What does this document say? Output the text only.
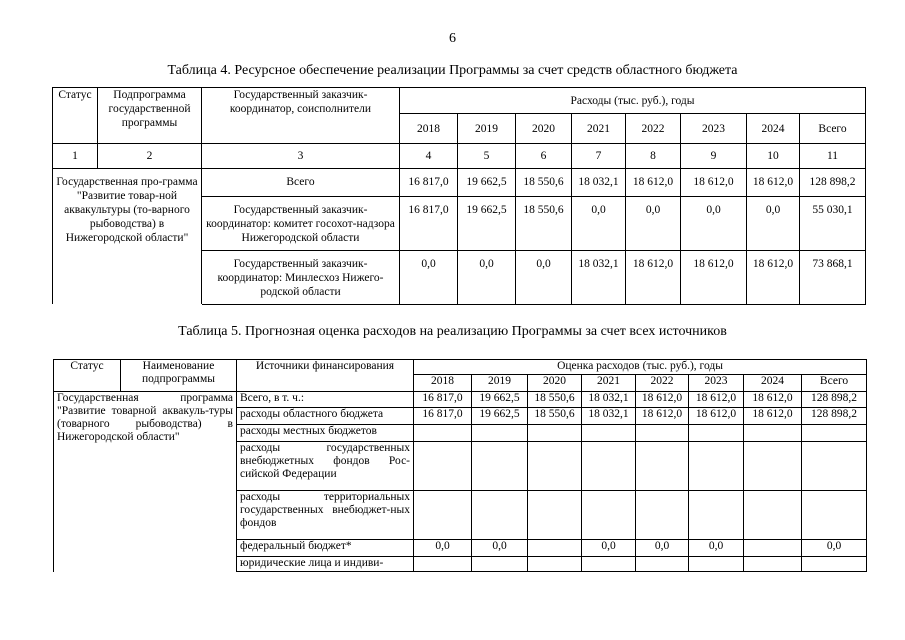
6
Таблица 4. Ресурсное обеспечение реализации Программы за счет средств областного бюджета
Статус	Подпрограмма государственной программы	Государственный заказчик-координатор, соисполнители	Расходы (тыс. руб.), годы							
			2018	2019	2020	2021	2022	2023	2024	Всего
1	2	3	4	5	6	7	8	9	10	11
Государственная про-грамма "Развитие товар-ной аквакультуры (то-варного рыбоводства) в Нижегородской области"		Всего	16 817,0	19 662,5	18 550,6	18 032,1	18 612,0	18 612,0	18 612,0	128 898,2
		Государственный заказчик-координатор: комитет госохот-надзора Нижегородской области	16 817,0	19 662,5	18 550,6	0,0	0,0	0,0	0,0	55 030,1
		Государственный заказчик-координатор: Минлесхоз Нижего-родской области	0,0	0,0	0,0	18 032,1	18 612,0	18 612,0	18 612,0	73 868,1
Таблица 5. Прогнозная оценка расходов на реализацию Программы за счет всех источников
Статус	Наименование подпрограммы	Источники финансирования	Оценка расходов (тыс. руб.), годы							
			2018	2019	2020	2021	2022	2023	2024	Всего
Государственная программа "Развитие товарной аквакуль-туры (товарного рыбоводства) в Нижегородской области"		Всего, в т. ч.:	16 817,0	19 662,5	18 550,6	18 032,1	18 612,0	18 612,0	18 612,0	128 898,2
		расходы областного бюджета	16 817,0	19 662,5	18 550,6	18 032,1	18 612,0	18 612,0	18 612,0	128 898,2
		расходы местных бюджетов								
		расходы государственных внебюджетных фондов Рос-сийской Федерации								
		расходы территориальных государственных внебюджет-ных фондов								
		федеральный бюджет*	0,0	0,0		0,0	0,0	0,0		0,0
		юридические лица и индиви-								
